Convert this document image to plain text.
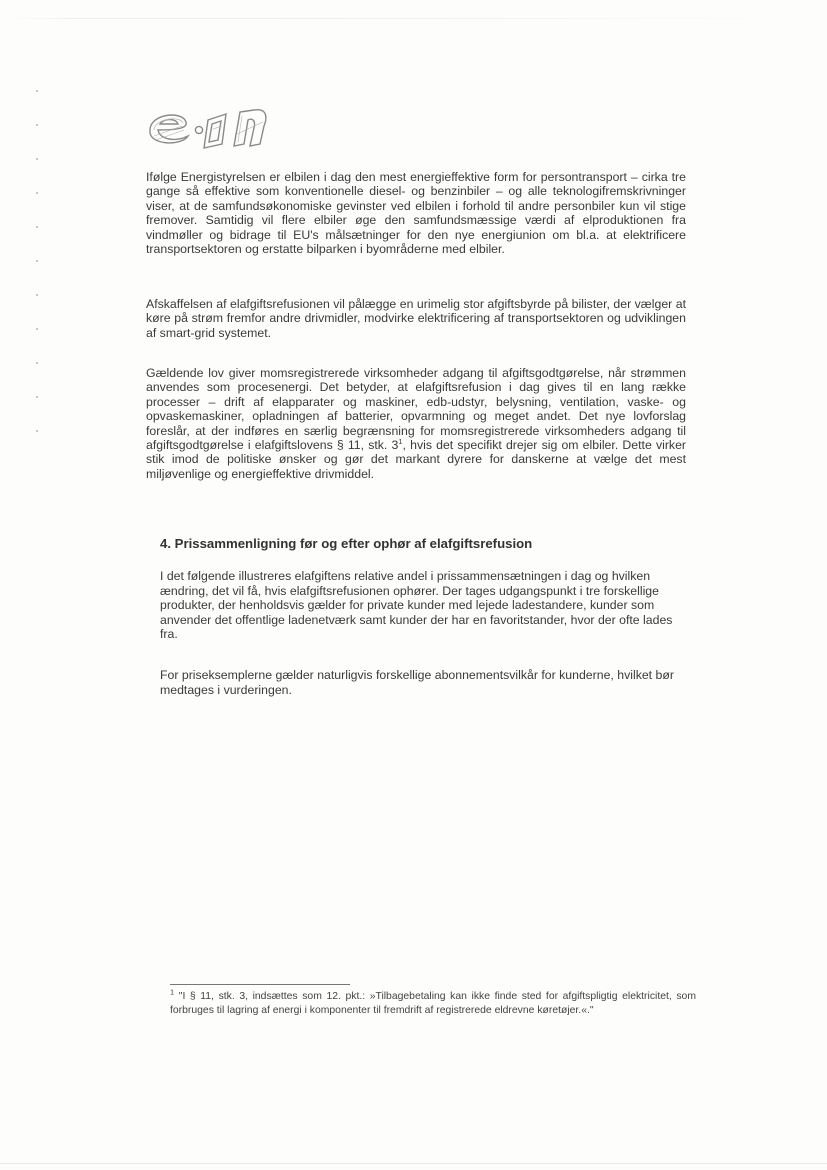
Ifølge Energistyrelsen er elbilen i dag den mest energieffektive form for persontransport – cirka tre gange så effektive som konventionelle diesel- og benzinbiler – og alle teknologifremskrivninger viser, at de samfundsøkonomiske gevinster ved elbilen i forhold til andre personbiler kun vil stige fremover. Samtidig vil flere elbiler øge den samfundsmæssige værdi af elproduktionen fra vindmøller og bidrage til EU's målsætninger for den nye energiunion om bl.a. at elektrificere transportsektoren og erstatte bilparken i byområderne med elbiler.

Afskaffelsen af elafgiftsrefusionen vil pålægge en urimelig stor afgiftsbyrde på bilister, der vælger at køre på strøm fremfor andre drivmidler, modvirke elektrificering af transportsektoren og udviklingen af smart-grid systemet.

Gældende lov giver momsregistrerede virksomheder adgang til afgiftsgodtgørelse, når strømmen anvendes som procesenergi. Det betyder, at elafgiftsrefusion i dag gives til en lang række processer – drift af elapparater og maskiner, edb-udstyr, belysning, ventilation, vaske- og opvaskemaskiner, opladningen af batterier, opvarmning og meget andet. Det nye lovforslag foreslår, at der indføres en særlig begrænsning for momsregistrerede virksomheders adgang til afgiftsgodtgørelse i elafgiftslovens § 11, stk. $3^1$, hvis det specifikt drejer sig om elbiler. Dette virker stik imod de politiske ønsker og gør det markant dyrere for danskerne at vælge det mest miljøvenlige og energieffektive drivmiddel.

4. Prissammenligning før og efter ophør af elafgiftsrefusion

I det følgende illustreres elafgiftens relative andel i prissammensætningen i dag og hvilken ændring, det vil få, hvis elafgiftsrefusionen ophører. Der tages udgangspunkt i tre forskellige produkter, der henholdsvis gælder for private kunder med lejede ladestandere, kunder som anvender det offentlige ladenetværk samt kunder der har en favoritstander, hvor der ofte lades fra.

For priseksemplerne gælder naturligvis forskellige abonnementsvilkår for kunderne, hvilket bør medtages i vurderingen.

$^1$ "I § 11, stk. 3, indsættes som 12. pkt.: »Tilbagebetaling kan ikke finde sted for afgiftspligtig elektricitet, som forbruges til lagring af energi i komponenter til fremdrift af registrerede eldrevne køretøjer.«."
